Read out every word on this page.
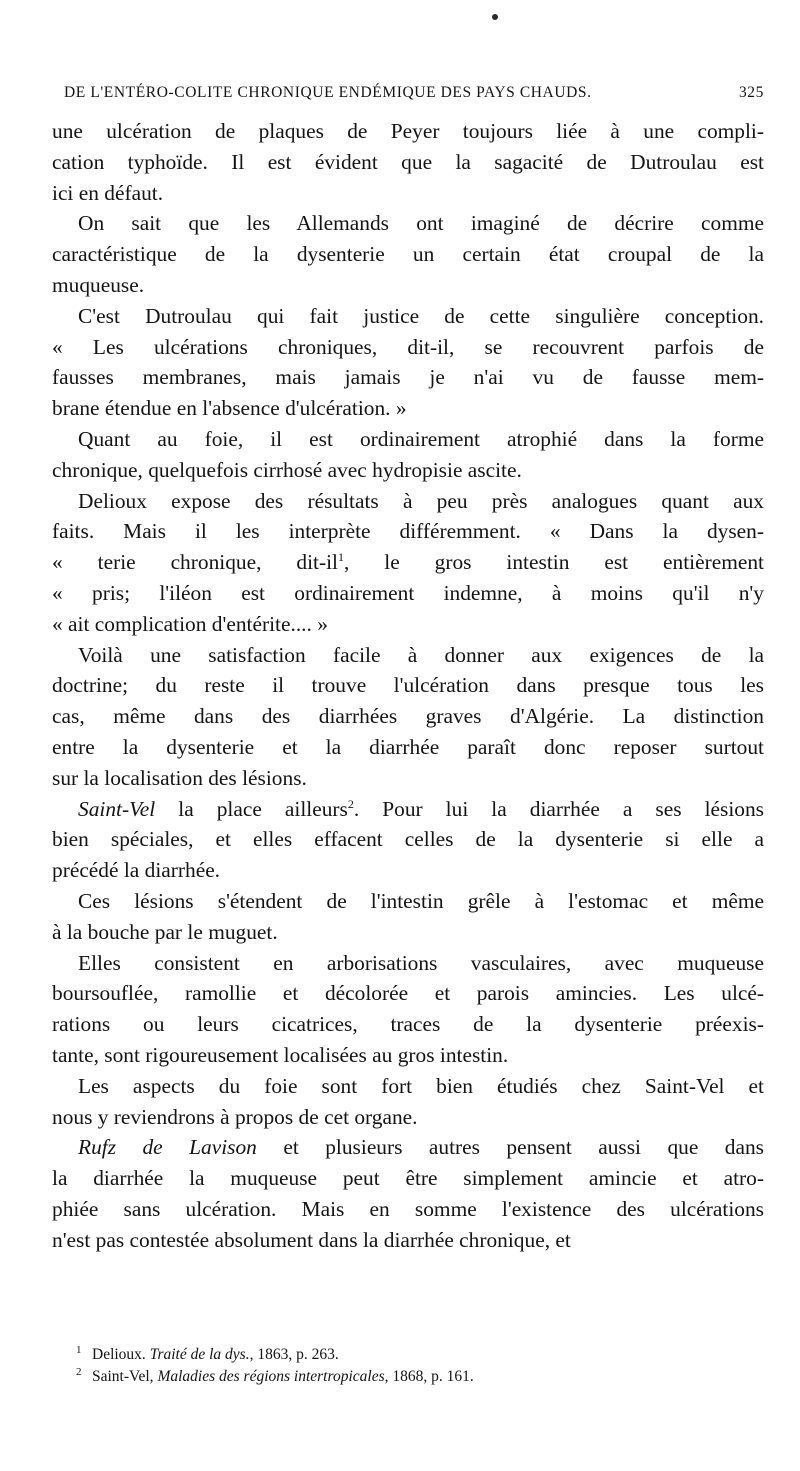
DE L'ENTÉRO-COLITE CHRONIQUE ENDÉMIQUE DES PAYS CHAUDS.	325
une ulcération de plaques de Peyer toujours liée à une compli-
cation typhoïde. Il est évident que la sagacité de Dutroulau est
ici en défaut.
On sait que les Allemands ont imaginé de décrire comme
caractéristique de la dysenterie un certain état croupal de la
muqueuse.
C'est Dutroulau qui fait justice de cette singulière conception.
« Les ulcérations chroniques, dit-il, se recouvrent parfois de
fausses membranes, mais jamais je n'ai vu de fausse mem-
brane étendue en l'absence d'ulcération. »
Quant au foie, il est ordinairement atrophié dans la forme
chronique, quelquefois cirrhosé avec hydropisie ascite.
Delioux expose des résultats à peu près analogues quant aux
faits. Mais il les interprète différemment. « Dans la dysen-
« terie chronique, dit-il$^1$, le gros intestin est entièrement
« pris; l'iléon est ordinairement indemne, à moins qu'il n'y
« ait complication d'entérite.... »
Voilà une satisfaction facile à donner aux exigences de la
doctrine; du reste il trouve l'ulcération dans presque tous les
cas, même dans des diarrhées graves d'Algérie. La distinction
entre la dysenterie et la diarrhée paraît donc reposer surtout
sur la localisation des lésions.
Saint-Vel la place ailleurs$^2$. Pour lui la diarrhée a ses lésions
bien spéciales, et elles effacent celles de la dysenterie si elle a
précédé la diarrhée.
Ces lésions s'étendent de l'intestin grêle à l'estomac et même
à la bouche par le muguet.
Elles consistent en arborisations vasculaires, avec muqueuse
boursouflée, ramollie et décolorée et parois amincies. Les ulcé-
rations ou leurs cicatrices, traces de la dysenterie préexis-
tante, sont rigoureusement localisées au gros intestin.
Les aspects du foie sont fort bien étudiés chez Saint-Vel et
nous y reviendrons à propos de cet organe.
Rufz de Lavison et plusieurs autres pensent aussi que dans
la diarrhée la muqueuse peut être simplement amincie et atro-
phiée sans ulcération. Mais en somme l'existence des ulcérations
n'est pas contestée absolument dans la diarrhée chronique, et
1 Delioux. Traité de la dys., 1863, p. 263.
2 Saint-Vel, Maladies des régions intertropicales, 1868, p. 161.
